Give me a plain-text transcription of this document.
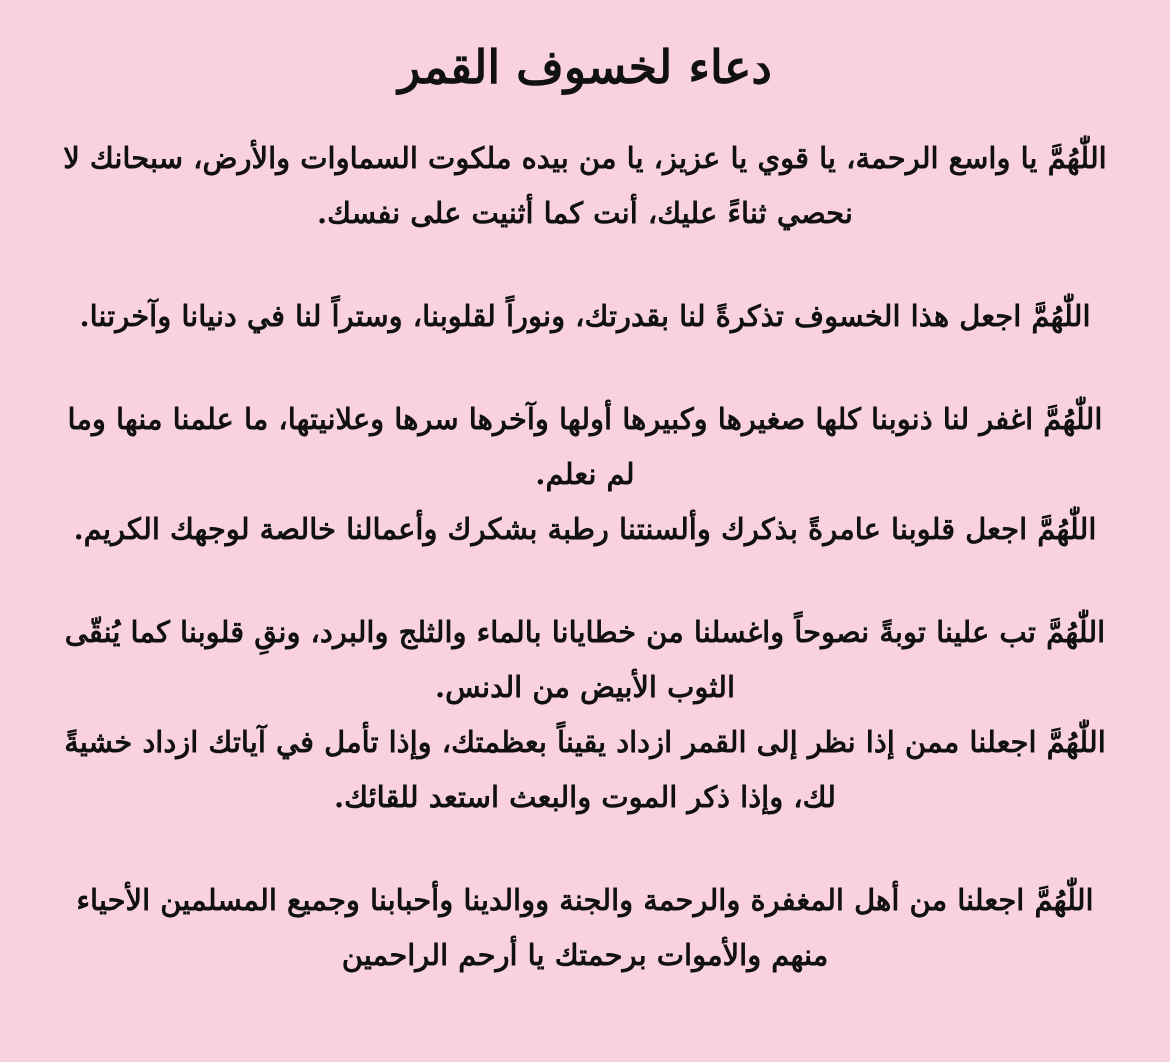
دعاء لخسوف القمر

اللّٰهُمَّ يا واسع الرحمة، يا قوي يا عزيز، يا من بيده ملكوت السماوات والأرض، سبحانك لا نحصي ثناءً عليك، أنت كما أثنيت على نفسك.

اللّٰهُمَّ اجعل هذا الخسوف تذكرةً لنا بقدرتك، ونوراً لقلوبنا، وستراً لنا في دنيانا وآخرتنا.

اللّٰهُمَّ اغفر لنا ذنوبنا كلها صغيرها وكبيرها أولها وآخرها سرها وعلانيتها، ما علمنا منها وما لم نعلم.

اللّٰهُمَّ اجعل قلوبنا عامرةً بذكرك وألسنتنا رطبة بشكرك وأعمالنا خالصة لوجهك الكريم.

اللّٰهُمَّ تب علينا توبةً نصوحاً واغسلنا من خطايانا بالماء والثلج والبرد، ونقِ قلوبنا كما يُنقّى الثوب الأبيض من الدنس.

اللّٰهُمَّ اجعلنا ممن إذا نظر إلى القمر ازداد يقيناً بعظمتك، وإذا تأمل في آياتك ازداد خشيةً لك، وإذا ذكر الموت والبعث استعد للقائك.

اللّٰهُمَّ اجعلنا من أهل المغفرة والرحمة والجنة ووالدينا وأحبابنا وجميع المسلمين الأحياء منهم والأموات برحمتك يا أرحم الراحمين
